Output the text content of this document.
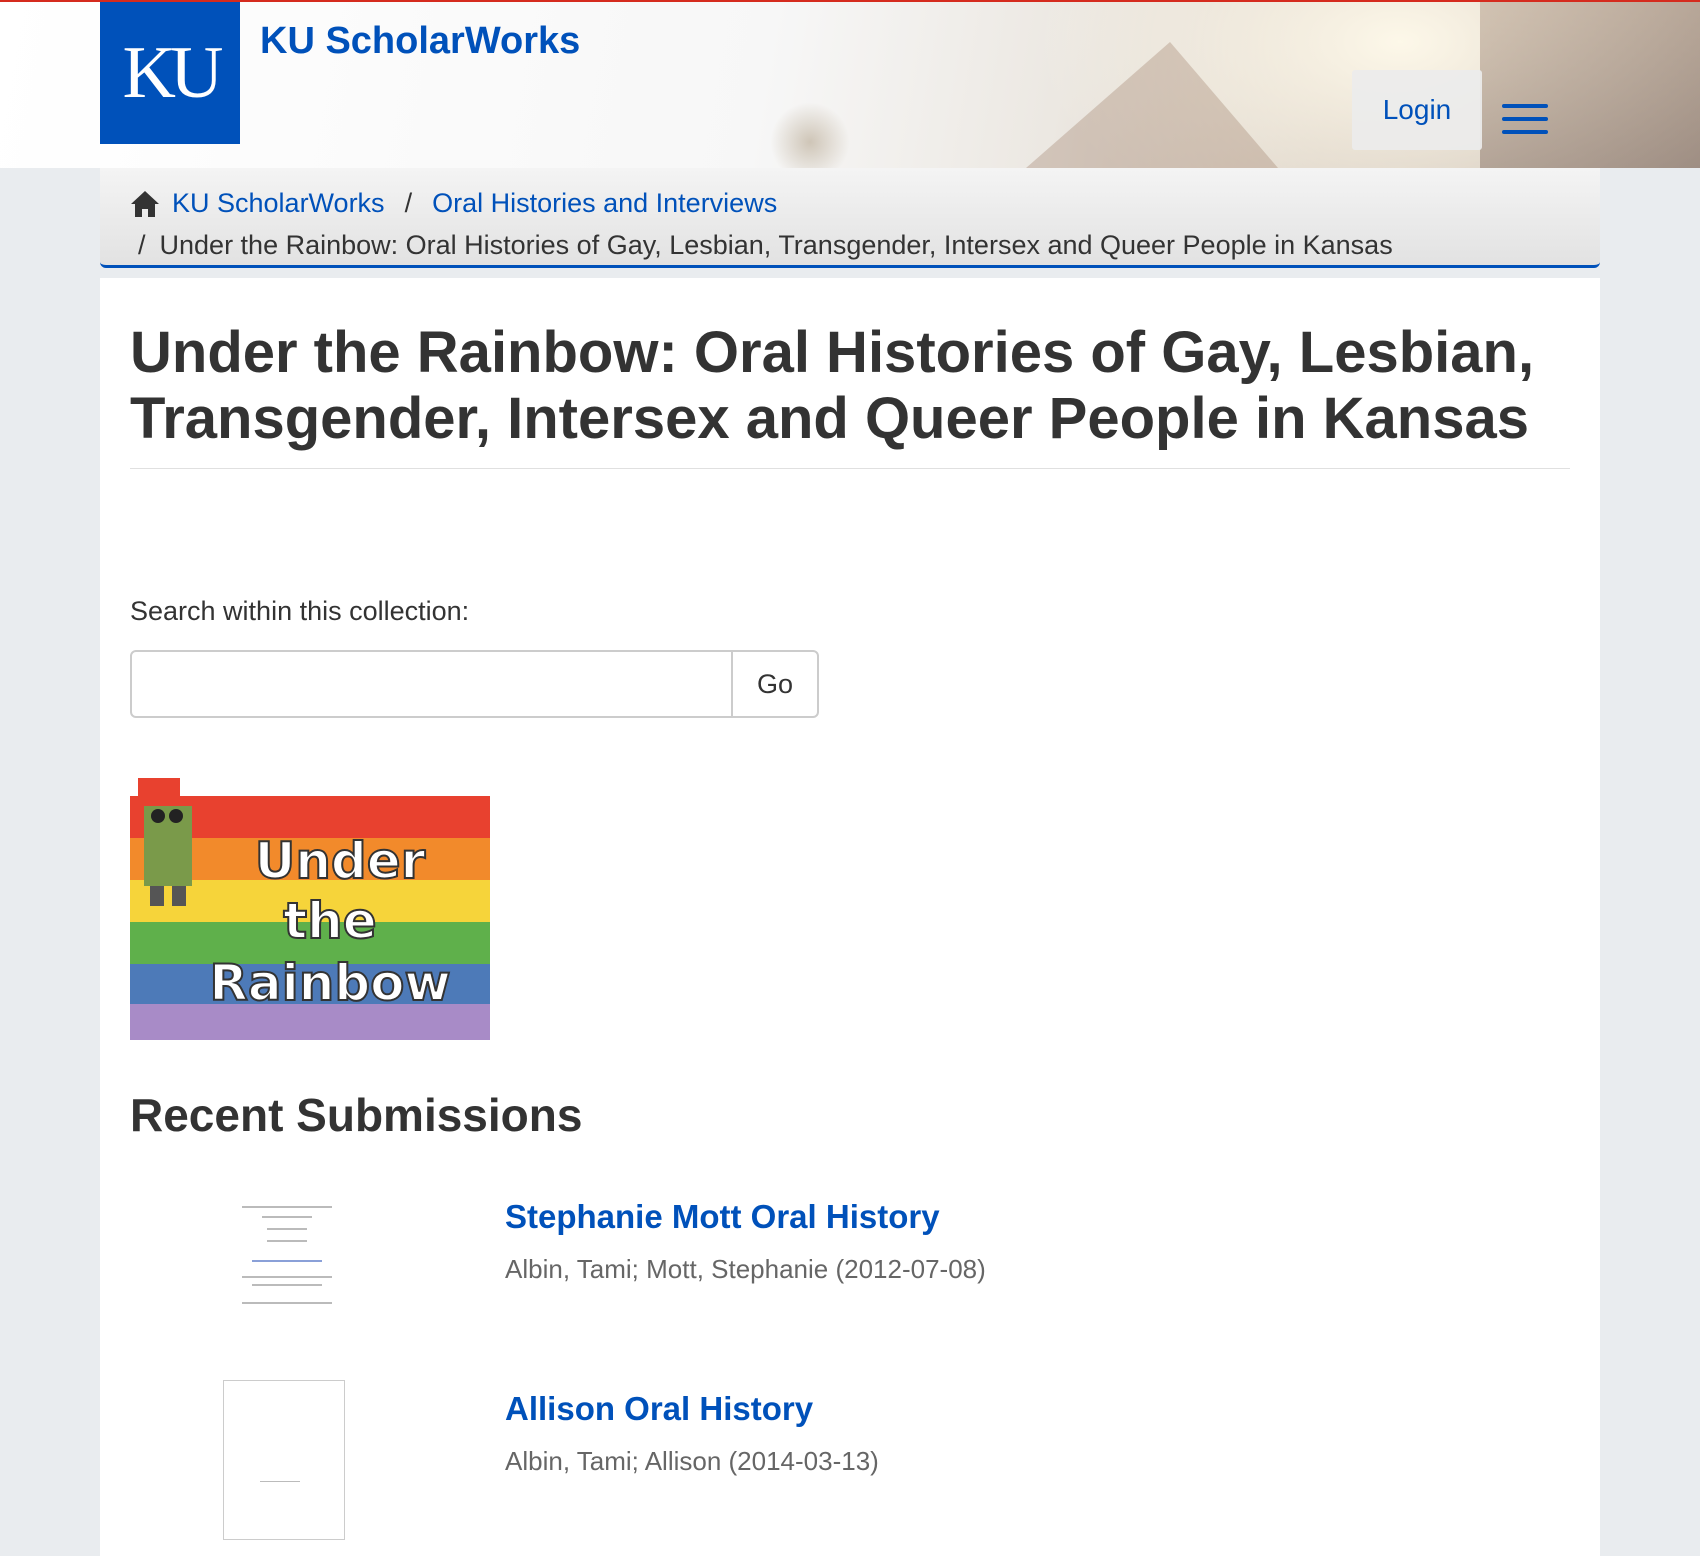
KU	KU ScholarWorks
Login
KU ScholarWorks / Oral Histories and Interviews
/ Under the Rainbow: Oral Histories of Gay, Lesbian, Transgender, Intersex and Queer People in Kansas
Under the Rainbow: Oral Histories of Gay, Lesbian, Transgender, Intersex and Queer People in Kansas
Search within this collection:
Go
Under
the
Rainbow
Recent Submissions
Stephanie Mott Oral History
Albin, Tami; Mott, Stephanie (2012-07-08)
Allison Oral History
Albin, Tami; Allison (2014-03-13)
